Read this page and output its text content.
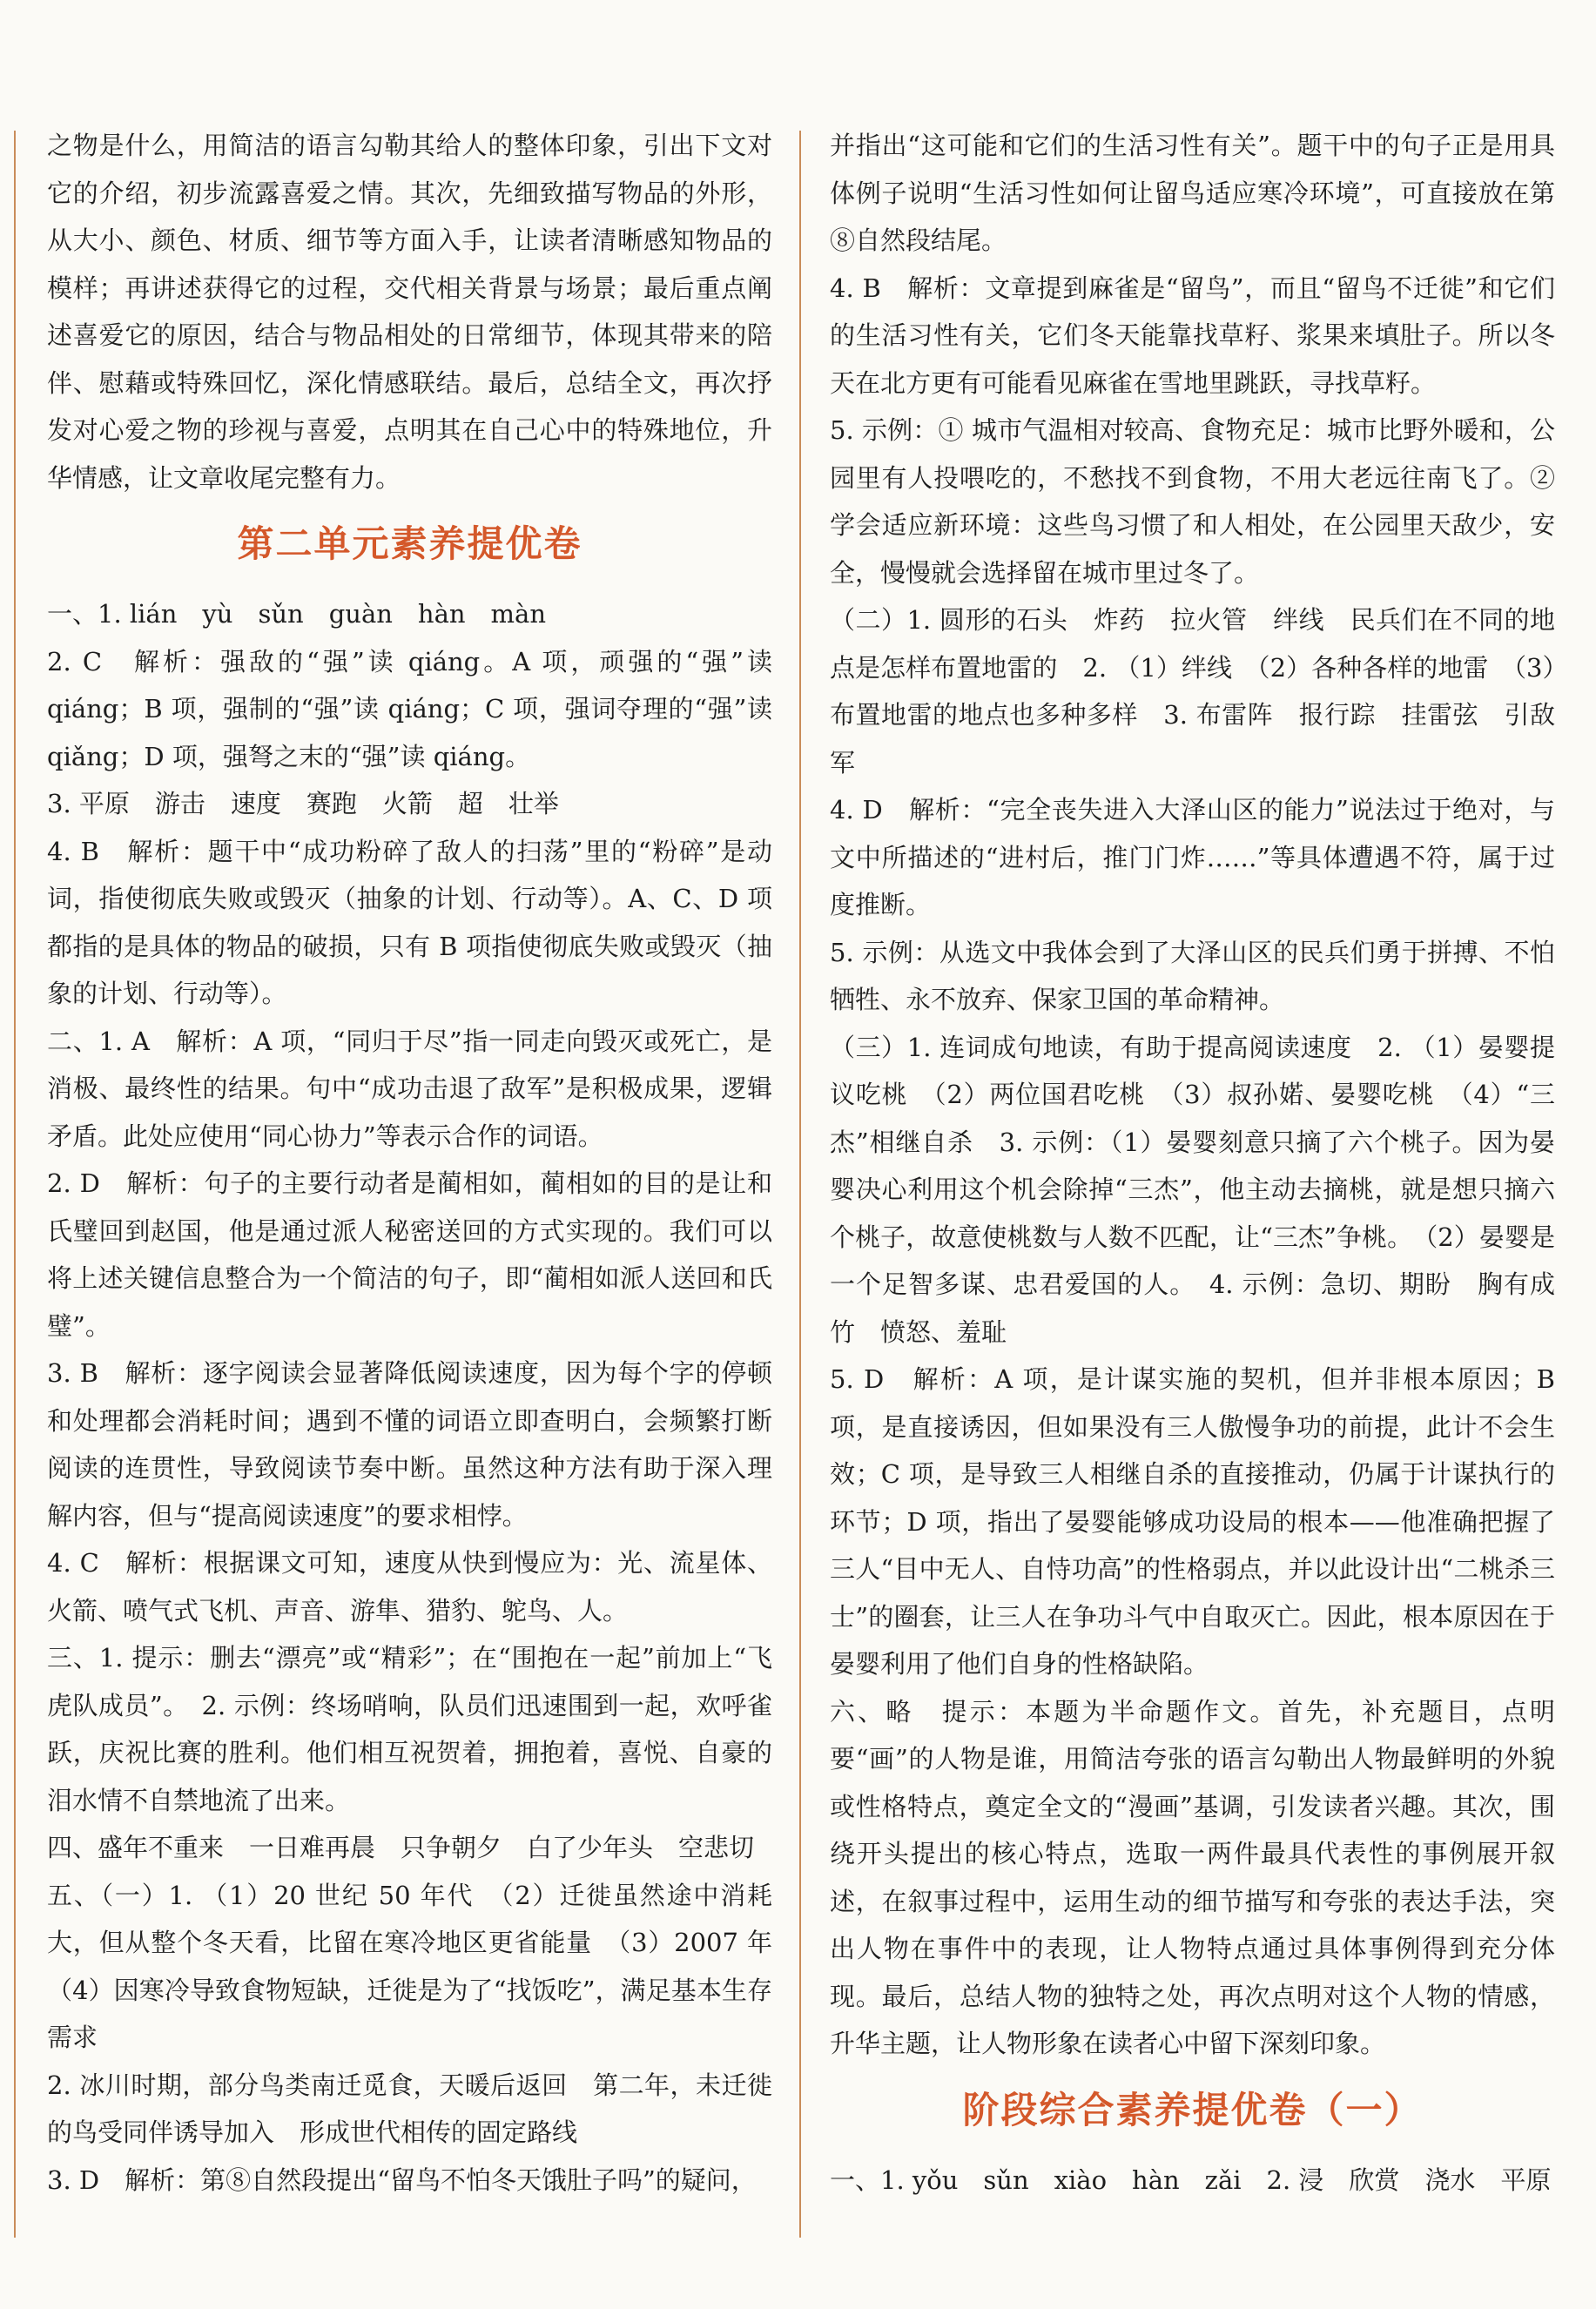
之物是什么，用简洁的语言勾勒其给人的整体印象，引出下文对它的介绍，初步流露喜爱之情。其次，先细致描写物品的外形，从大小、颜色、材质、细节等方面入手，让读者清晰感知物品的模样；再讲述获得它的过程，交代相关背景与场景；最后重点阐述喜爱它的原因，结合与物品相处的日常细节，体现其带来的陪伴、慰藉或特殊回忆，深化情感联结。最后，总结全文，再次抒发对心爱之物的珍视与喜爱，点明其在自己心中的特殊地位，升华情感，让文章收尾完整有力。

第二单元素养提优卷

一、1. lián　yù　sǔn　guàn　hàn　màn

2. C　解析：强敌的“强”读 qiáng。A 项，顽强的“强”读 qiáng；B 项，强制的“强”读 qiáng；C 项，强词夺理的“强”读 qiǎng；D 项，强弩之末的“强”读 qiáng。

3. 平原　游击　速度　赛跑　火箭　超　壮举

4. B　解析：题干中“成功粉碎了敌人的扫荡”里的“粉碎”是动词，指使彻底失败或毁灭（抽象的计划、行动等）。A、C、D 项都指的是具体的物品的破损，只有 B 项指使彻底失败或毁灭（抽象的计划、行动等）。

二、1. A　解析：A 项，“同归于尽”指一同走向毁灭或死亡，是消极、最终性的结果。句中“成功击退了敌军”是积极成果，逻辑矛盾。此处应使用“同心协力”等表示合作的词语。

2. D　解析：句子的主要行动者是蔺相如，蔺相如的目的是让和氏璧回到赵国，他是通过派人秘密送回的方式实现的。我们可以将上述关键信息整合为一个简洁的句子，即“蔺相如派人送回和氏璧”。

3. B　解析：逐字阅读会显著降低阅读速度，因为每个字的停顿和处理都会消耗时间；遇到不懂的词语立即查明白，会频繁打断阅读的连贯性，导致阅读节奏中断。虽然这种方法有助于深入理解内容，但与“提高阅读速度”的要求相悖。

4. C　解析：根据课文可知，速度从快到慢应为：光、流星体、火箭、喷气式飞机、声音、游隼、猎豹、鸵鸟、人。

三、1. 提示：删去“漂亮”或“精彩”；在“围抱在一起”前加上“飞虎队成员”。　2. 示例：终场哨响，队员们迅速围到一起，欢呼雀跃，庆祝比赛的胜利。他们相互祝贺着，拥抱着，喜悦、自豪的泪水情不自禁地流了出来。

四、盛年不重来　一日难再晨　只争朝夕　白了少年头　空悲切

五、（一）1. （1）20 世纪 50 年代　（2）迁徙虽然途中消耗大，但从整个冬天看，比留在寒冷地区更省能量　（3）2007 年　（4）因寒冷导致食物短缺，迁徙是为了“找饭吃”，满足基本生存需求

2. 冰川时期，部分鸟类南迁觅食，天暖后返回　第二年，未迁徙的鸟受同伴诱导加入　形成世代相传的固定路线

3. D　解析：第⑧自然段提出“留鸟不怕冬天饿肚子吗”的疑问，

并指出“这可能和它们的生活习性有关”。题干中的句子正是用具体例子说明“生活习性如何让留鸟适应寒冷环境”，可直接放在第⑧自然段结尾。

4. B　解析：文章提到麻雀是“留鸟”，而且“留鸟不迁徙”和它们的生活习性有关，它们冬天能靠找草籽、浆果来填肚子。所以冬天在北方更有可能看见麻雀在雪地里跳跃，寻找草籽。

5. 示例：① 城市气温相对较高、食物充足：城市比野外暖和，公园里有人投喂吃的，不愁找不到食物，不用大老远往南飞了。② 学会适应新环境：这些鸟习惯了和人相处，在公园里天敌少，安全，慢慢就会选择留在城市里过冬了。

（二）1. 圆形的石头　炸药　拉火管　绊线　民兵们在不同的地点是怎样布置地雷的　2. （1）绊线　（2）各种各样的地雷　（3）布置地雷的地点也多种多样　3. 布雷阵　报行踪　挂雷弦　引敌军

4. D　解析：“完全丧失进入大泽山区的能力”说法过于绝对，与文中所描述的“进村后，推门门炸……”等具体遭遇不符，属于过度推断。

5. 示例：从选文中我体会到了大泽山区的民兵们勇于拼搏、不怕牺牲、永不放弃、保家卫国的革命精神。

（三）1. 连词成句地读，有助于提高阅读速度　2. （1）晏婴提议吃桃　（2）两位国君吃桃　（3）叔孙婼、晏婴吃桃　（4）“三杰”相继自杀　3. 示例：（1）晏婴刻意只摘了六个桃子。因为晏婴决心利用这个机会除掉“三杰”，他主动去摘桃，就是想只摘六个桃子，故意使桃数与人数不匹配，让“三杰”争桃。　（2）晏婴是一个足智多谋、忠君爱国的人。　4. 示例：急切、期盼　胸有成竹　愤怒、羞耻

5. D　解析：A 项，是计谋实施的契机，但并非根本原因；B 项，是直接诱因，但如果没有三人傲慢争功的前提，此计不会生效；C 项，是导致三人相继自杀的直接推动，仍属于计谋执行的环节；D 项，指出了晏婴能够成功设局的根本——他准确把握了三人“目中无人、自恃功高”的性格弱点，并以此设计出“二桃杀三士”的圈套，让三人在争功斗气中自取灭亡。因此，根本原因在于晏婴利用了他们自身的性格缺陷。

六、略　提示：本题为半命题作文。首先，补充题目，点明要“画”的人物是谁，用简洁夸张的语言勾勒出人物最鲜明的外貌或性格特点，奠定全文的“漫画”基调，引发读者兴趣。其次，围绕开头提出的核心特点，选取一两件最具代表性的事例展开叙述，在叙事过程中，运用生动的细节描写和夸张的表达手法，突出人物在事件中的表现，让人物特点通过具体事例得到充分体现。最后，总结人物的独特之处，再次点明对这个人物的情感，升华主题，让人物形象在读者心中留下深刻印象。

阶段综合素养提优卷（一）

一、1. yǒu　sǔn　xiào　hàn　zǎi　2. 浸　欣赏　浇水　平原
